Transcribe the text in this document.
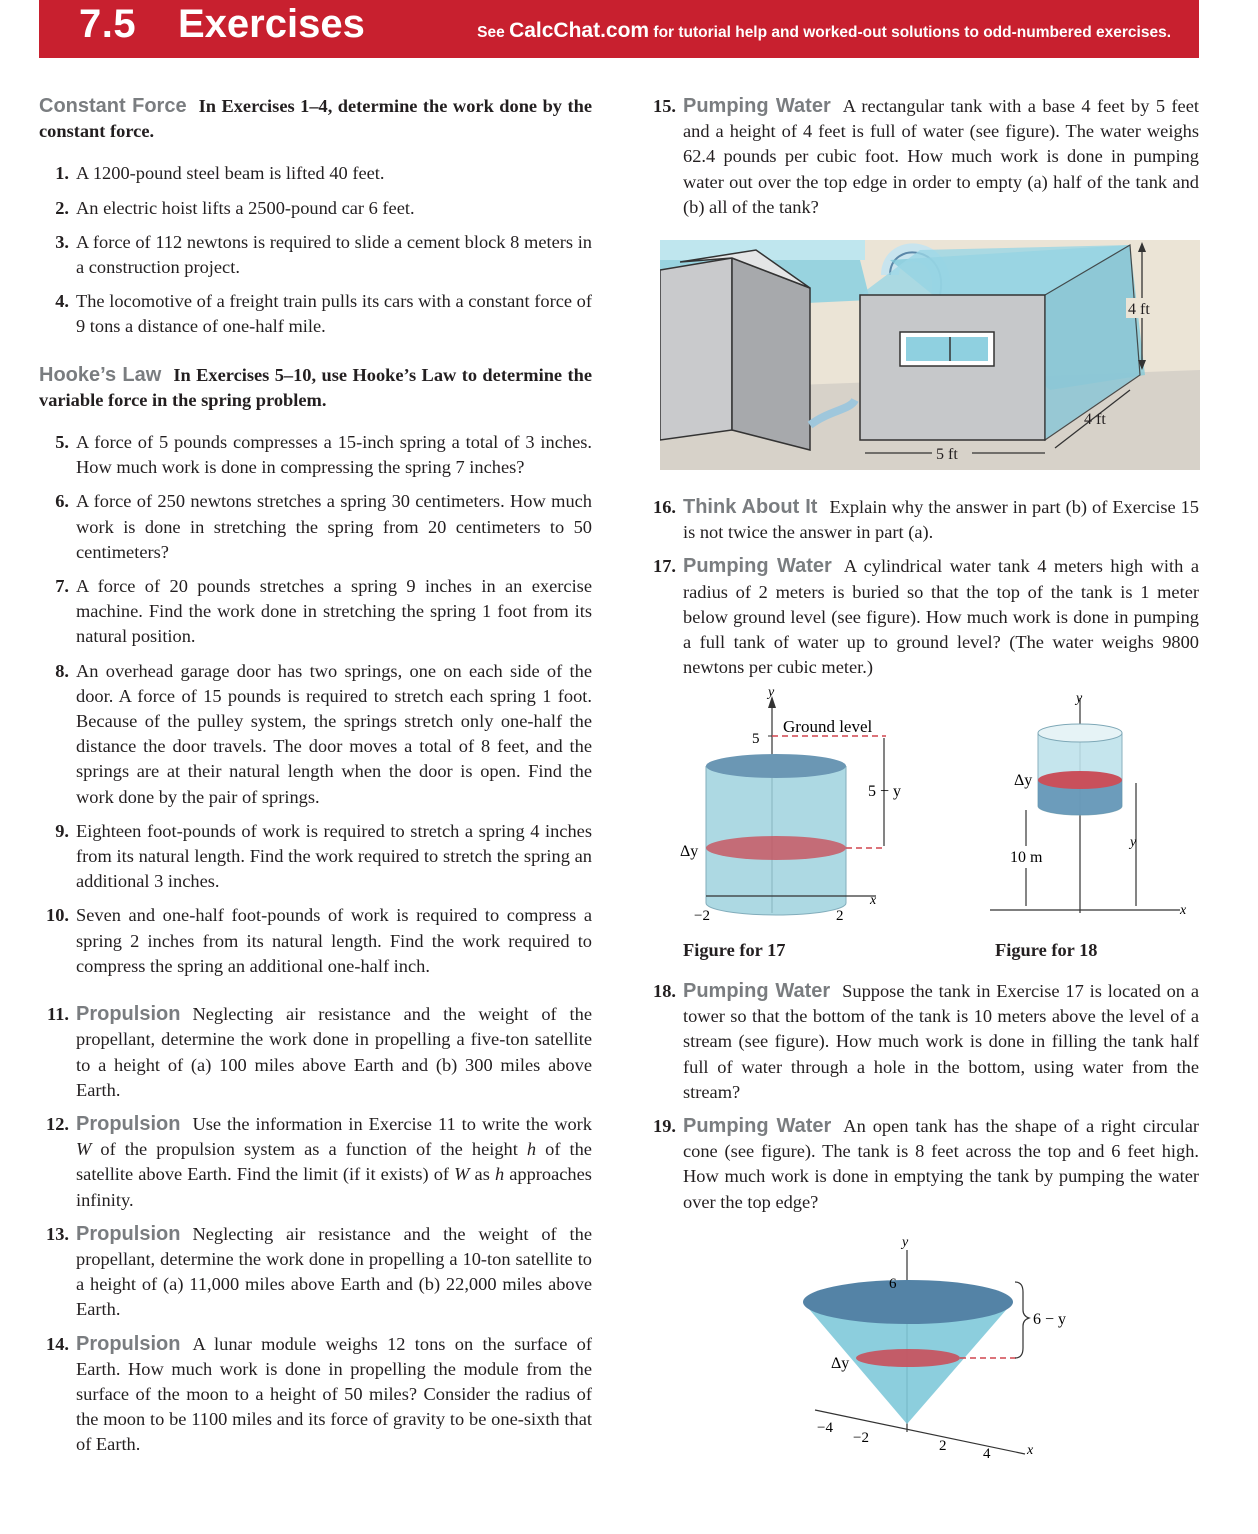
7.5 Exercises	See CalcChat.com for tutorial help and worked-out solutions to odd-numbered exercises.

Constant Force In Exercises 1–4, determine the work done by the constant force.

1. A 1200-pound steel beam is lifted 40 feet.
2. An electric hoist lifts a 2500-pound car 6 feet.
3. A force of 112 newtons is required to slide a cement block 8 meters in a construction project.
4. The locomotive of a freight train pulls its cars with a constant force of 9 tons a distance of one-half mile.

Hooke’s Law In Exercises 5–10, use Hooke’s Law to determine the variable force in the spring problem.

5. A force of 5 pounds compresses a 15-inch spring a total of 3 inches. How much work is done in compressing the spring 7 inches?
6. A force of 250 newtons stretches a spring 30 centimeters. How much work is done in stretching the spring from 20 centimeters to 50 centimeters?
7. A force of 20 pounds stretches a spring 9 inches in an exercise machine. Find the work done in stretching the spring 1 foot from its natural position.
8. An overhead garage door has two springs, one on each side of the door. A force of 15 pounds is required to stretch each spring 1 foot. Because of the pulley system, the springs stretch only one-half the distance the door travels. The door moves a total of 8 feet, and the springs are at their natural length when the door is open. Find the work done by the pair of springs.
9. Eighteen foot-pounds of work is required to stretch a spring 4 inches from its natural length. Find the work required to stretch the spring an additional 3 inches.
10. Seven and one-half foot-pounds of work is required to compress a spring 2 inches from its natural length. Find the work required to compress the spring an additional one-half inch.
11. Propulsion Neglecting air resistance and the weight of the propellant, determine the work done in propelling a five-ton satellite to a height of (a) 100 miles above Earth and (b) 300 miles above Earth.
12. Propulsion Use the information in Exercise 11 to write the work W of the propulsion system as a function of the height h of the satellite above Earth. Find the limit (if it exists) of W as h approaches infinity.
13. Propulsion Neglecting air resistance and the weight of the propellant, determine the work done in propelling a 10-ton satellite to a height of (a) 11,000 miles above Earth and (b) 22,000 miles above Earth.
14. Propulsion A lunar module weighs 12 tons on the surface of Earth. How much work is done in propelling the module from the surface of the moon to a height of 50 miles? Consider the radius of the moon to be 1100 miles and its force of gravity to be one-sixth that of Earth.
15. Pumping Water A rectangular tank with a base 4 feet by 5 feet and a height of 4 feet is full of water (see figure). The water weighs 62.4 pounds per cubic foot. How much work is done in pumping water out over the top edge in order to empty (a) half of the tank and (b) all of the tank?
4 ft
4 ft
5 ft
16. Think About It Explain why the answer in part (b) of Exercise 15 is not twice the answer in part (a).
17. Pumping Water A cylindrical water tank 4 meters high with a radius of 2 meters is buried so that the top of the tank is 1 meter below ground level (see figure). How much work is done in pumping a full tank of water up to ground level? (The water weighs 9800 newtons per cubic meter.)
y
5
Ground level
Δy
5 − y
x
−2	2
y
Δy
10 m
y
x
Figure for 17	Figure for 18
18. Pumping Water Suppose the tank in Exercise 17 is located on a tower so that the bottom of the tank is 10 meters above the level of a stream (see figure). How much work is done in filling the tank half full of water through a hole in the bottom, using water from the stream?
19. Pumping Water An open tank has the shape of a right circular cone (see figure). The tank is 8 feet across the top and 6 feet high. How much work is done in emptying the tank by pumping the water over the top edge?
y
6
6 − y
Δy
x
−4
−2	2 4
